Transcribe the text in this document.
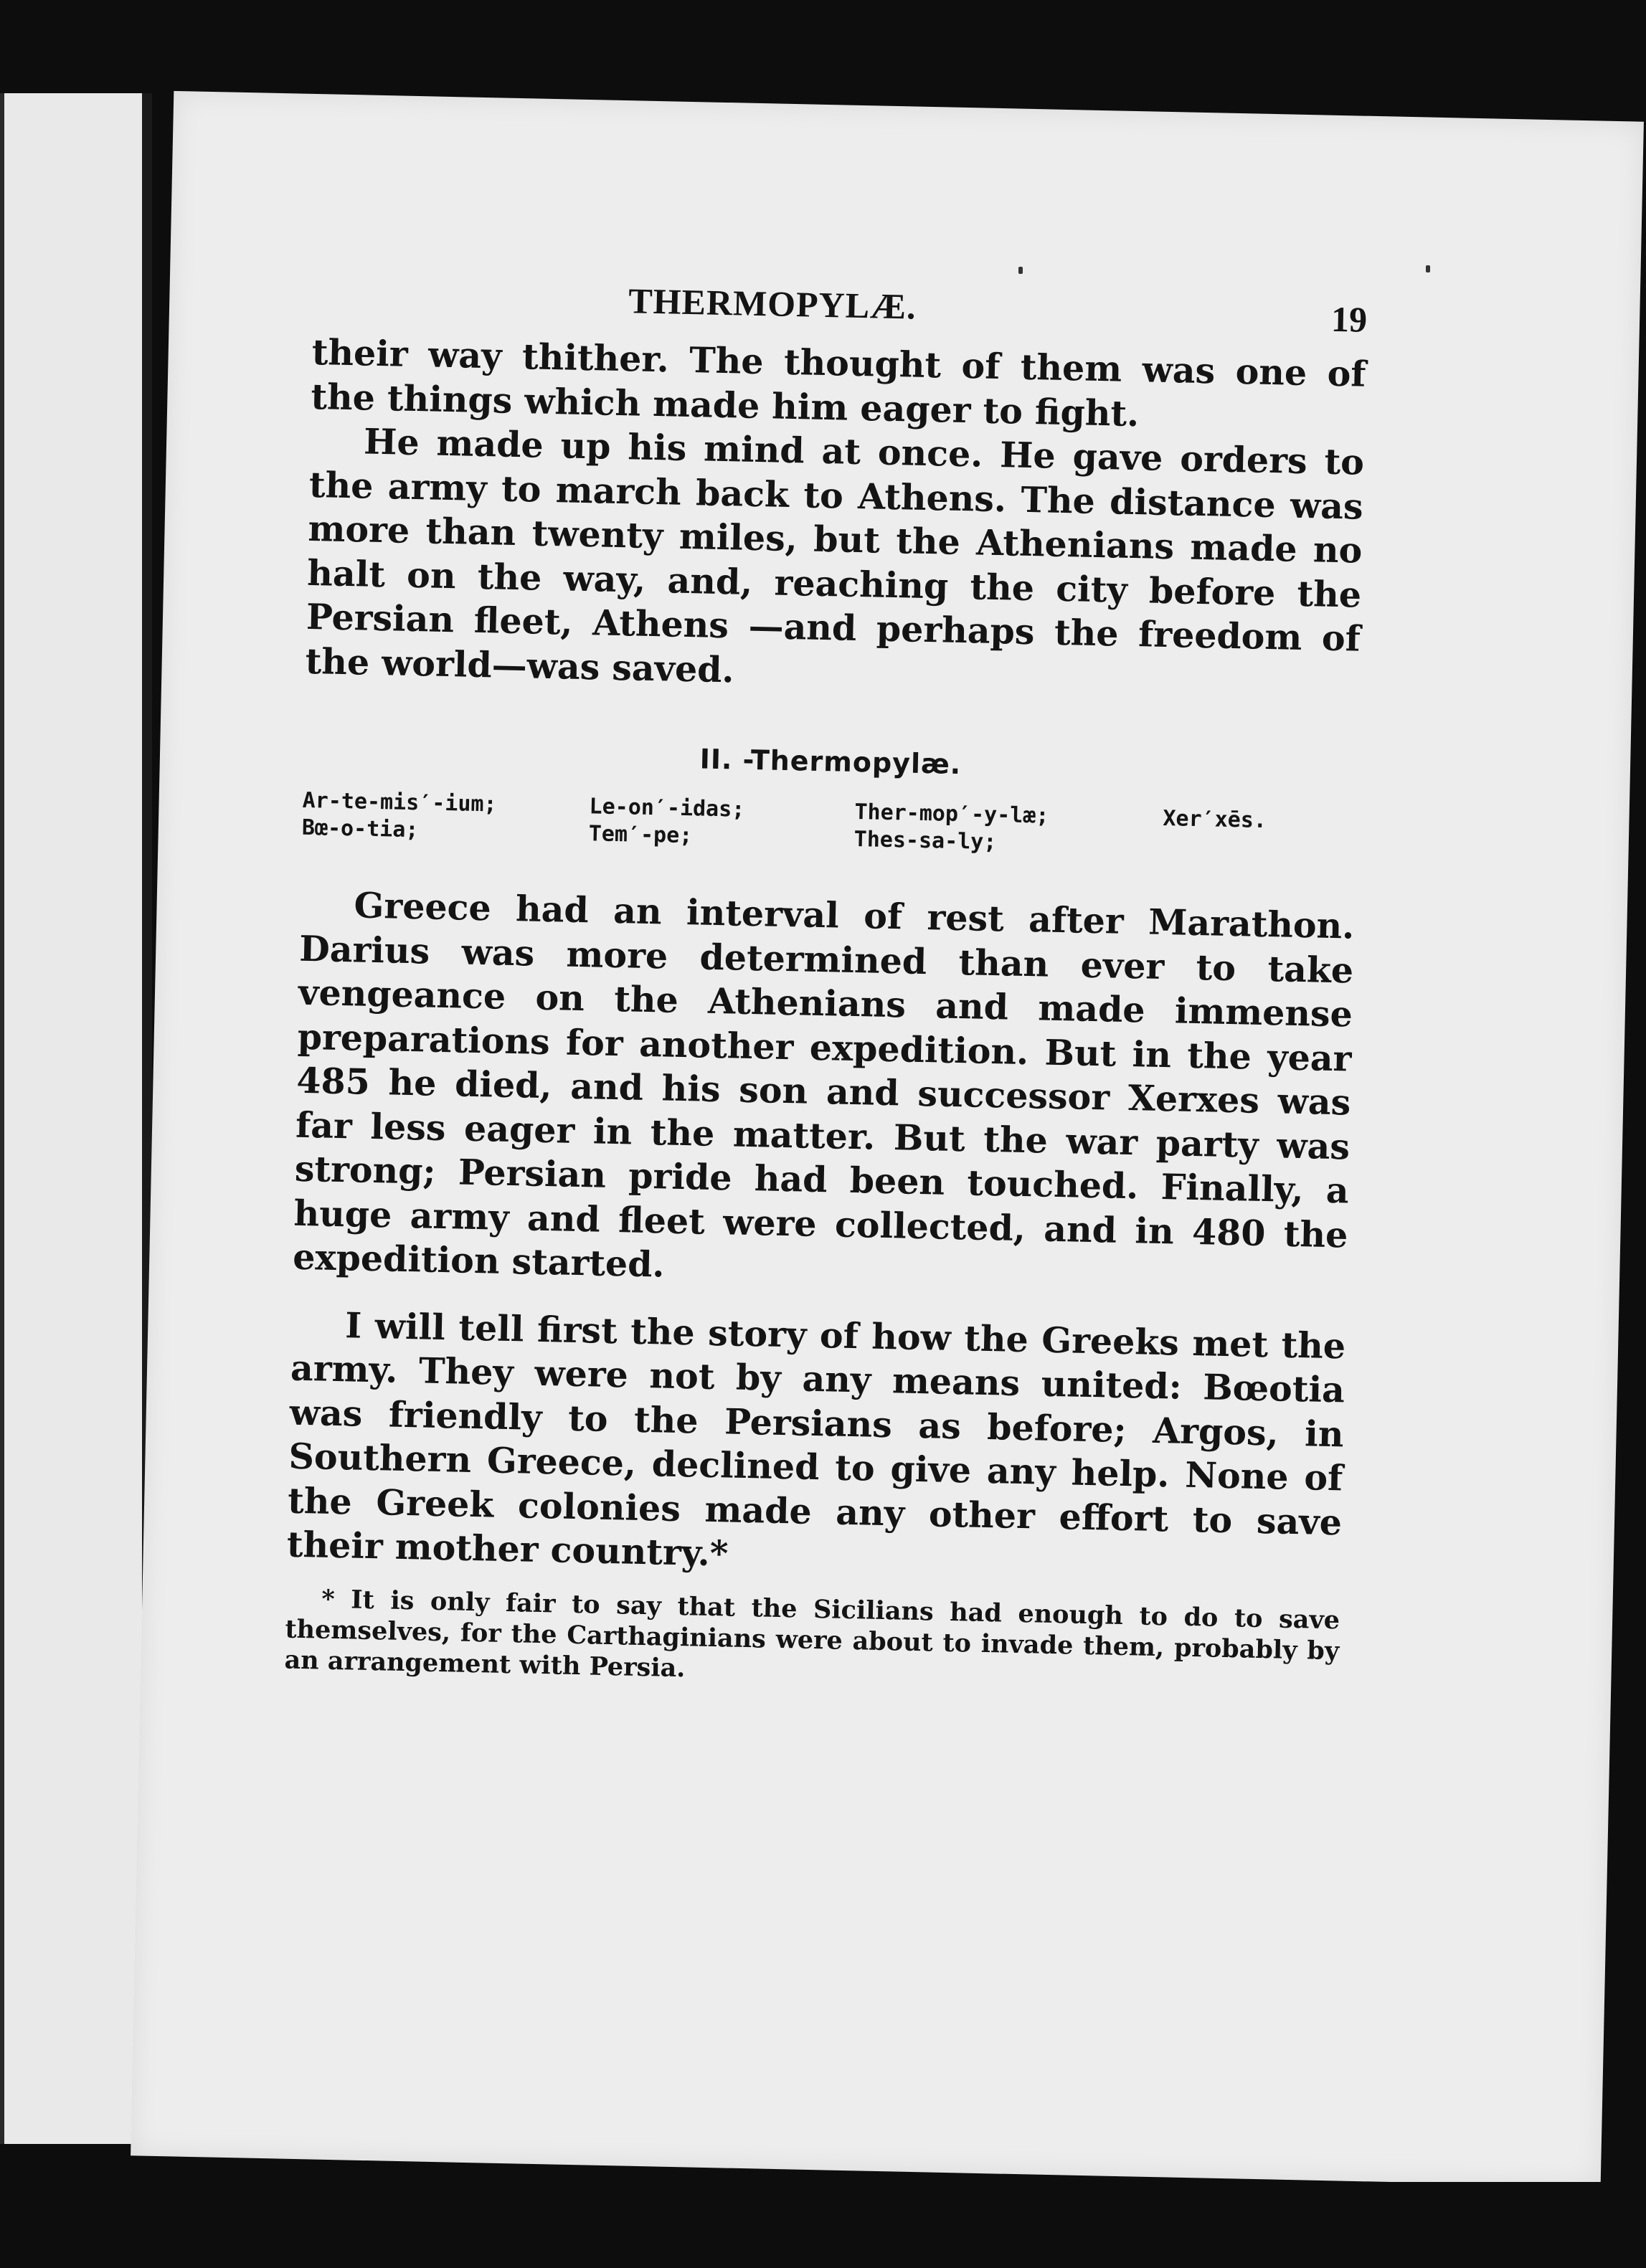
THERMOPYLÆ.	19

their way thither. The thought of them was one of the things which made him eager to fight.

He made up his mind at once. He gave orders to the army to march back to Athens. The distance was more than twenty miles, but the Athenians made no halt on the way, and, reaching the city before the Persian fleet, Athens —and perhaps the freedom of the world—was saved.

II. -Thermopylæ.
Ar-te-mis′-ium;	Le-on′-idas;	Ther-mop′-y-læ;	Xer′xēs.
Bœ-o-tia;	Tem′-pe;	Thes-sa-ly;

Greece had an interval of rest after Marathon. Darius was more determined than ever to take vengeance on the Athenians and made immense preparations for another expedition. But in the year 485 he died, and his son and successor Xerxes was far less eager in the matter. But the war party was strong; Persian pride had been touched. Finally, a huge army and fleet were collected, and in 480 the expedition started.

I will tell first the story of how the Greeks met the army. They were not by any means united: Bœotia was friendly to the Persians as before; Argos, in Southern Greece, declined to give any help. None of the Greek colonies made any other effort to save their mother country.*

* It is only fair to say that the Sicilians had enough to do to save themselves, for the Carthaginians were about to invade them, probably by an arrangement with Persia.
